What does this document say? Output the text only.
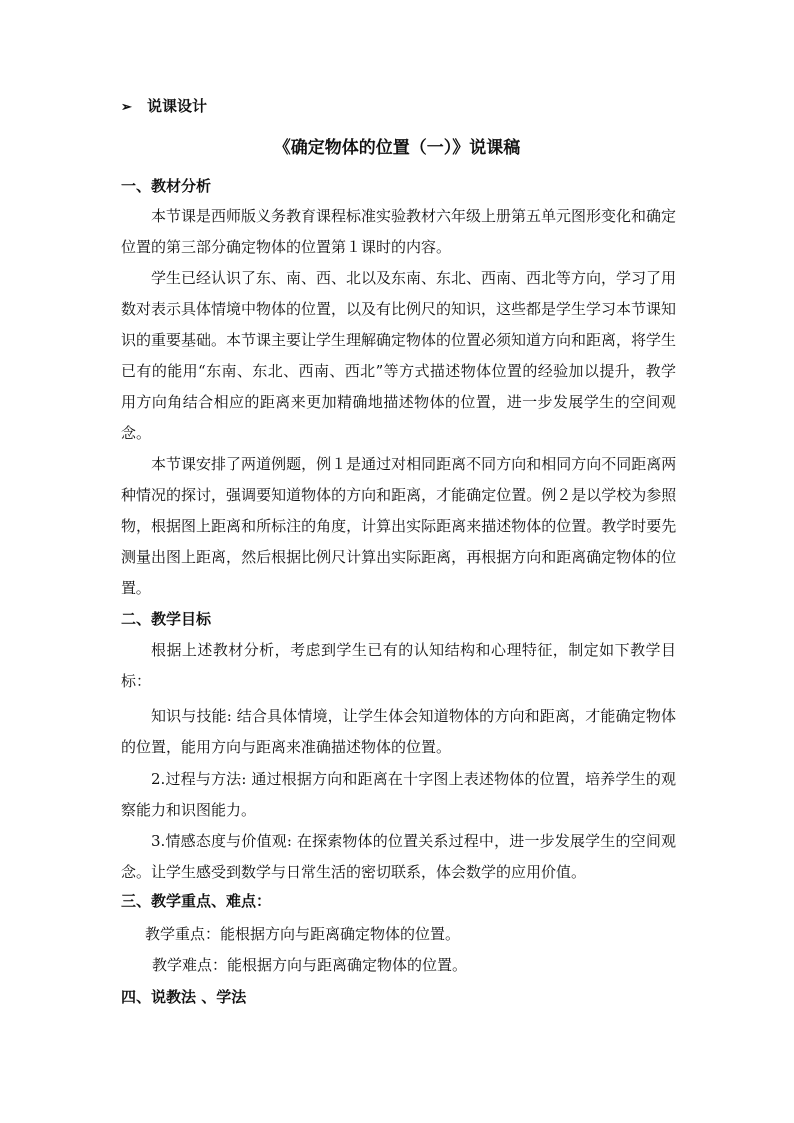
➢ 说课设计
《确定物体的位置（一）》说课稿
一、教材分析
本节课是西师版义务教育课程标准实验教材六年级上册第五单元图形变化和确定位置的第三部分确定物体的位置第１课时的内容。
学生已经认识了东、南、西、北以及东南、东北、西南、西北等方向，学习了用数对表示具体情境中物体的位置，以及有比例尺的知识，这些都是学生学习本节课知识的重要基础。本节课主要让学生理解确定物体的位置必须知道方向和距离，将学生已有的能用“东南、东北、西南、西北”等方式描述物体位置的经验加以提升，教学用方向角结合相应的距离来更加精确地描述物体的位置，进一步发展学生的空间观念。
本节课安排了两道例题，例１是通过对相同距离不同方向和相同方向不同距离两种情况的探讨，强调要知道物体的方向和距离，才能确定位置。例２是以学校为参照物，根据图上距离和所标注的角度，计算出实际距离来描述物体的位置。教学时要先测量出图上距离，然后根据比例尺计算出实际距离，再根据方向和距离确定物体的位置。
二、教学目标
根据上述教材分析，考虑到学生已有的认知结构和心理特征，制定如下教学目标：
知识与技能: 结合具体情境，让学生体会知道物体的方向和距离，才能确定物体的位置，能用方向与距离来准确描述物体的位置。
2.过程与方法: 通过根据方向和距离在十字图上表述物体的位置，培养学生的观察能力和识图能力。
3.情感态度与价值观: 在探索物体的位置关系过程中，进一步发展学生的空间观念。让学生感受到数学与日常生活的密切联系，体会数学的应用价值。
三、教学重点、难点：
教学重点：能根据方向与距离确定物体的位置。
教学难点：能根据方向与距离确定物体的位置。
四、说教法 、学法
